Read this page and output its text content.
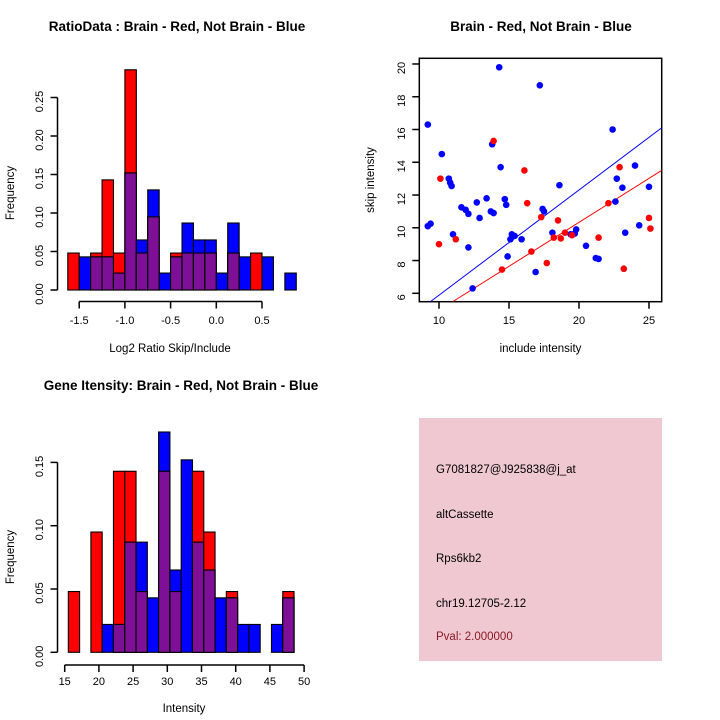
RatioData : Brain - Red, Not Brain - Blue
0.00
0.05
0.10
0.15
0.20
0.25
-1.5 -1.0 -0.5	0.0	0.5
Log2 Ratio Skip/Include
Frequency
Brain - Red, Not Brain - Blue
10	15	20	25
6
8
10
12
14
16
18
20
include intensity
skip intensity
Gene Itensity: Brain - Red, Not Brain - Blue
0.00
0.05
0.10
0.15
15 20 25 30 35 40 45 50
Intensity
Frequency
G7081827@J925838@j_at
altCassette
Rps6kb2
chr19.12705-2.12
Pval: 2.000000
